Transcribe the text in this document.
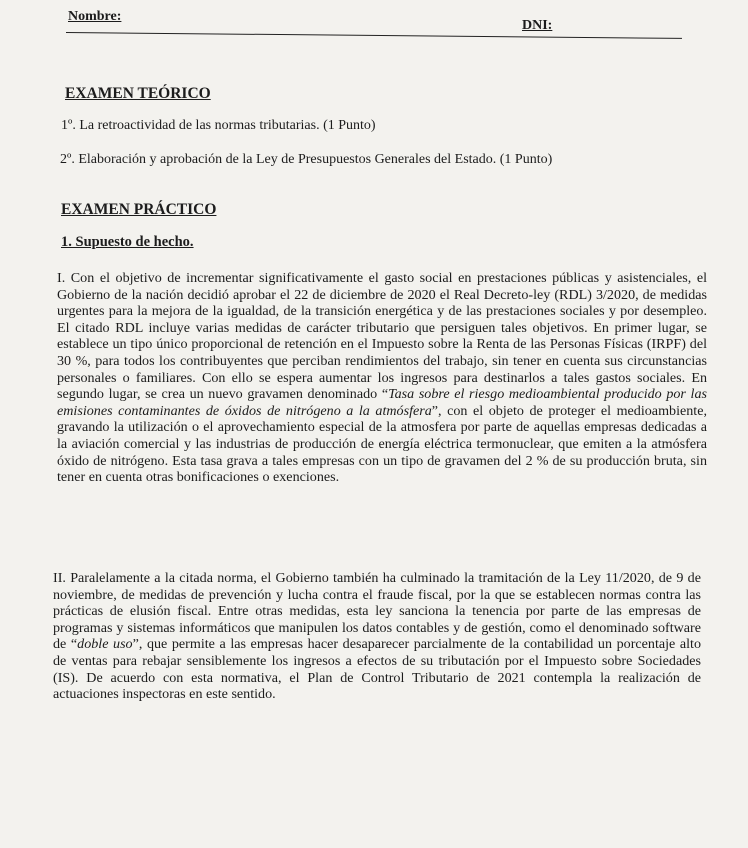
Nombre:
DNI:
EXAMEN TEÓRICO
1º. La retroactividad de las normas tributarias. (1 Punto)
2º. Elaboración y aprobación de la Ley de Presupuestos Generales del Estado. (1 Punto)
EXAMEN PRÁCTICO
1. Supuesto de hecho.
I. Con el objetivo de incrementar significativamente el gasto social en prestaciones públicas y asistenciales, el Gobierno de la nación decidió aprobar el 22 de diciembre de 2020 el Real Decreto-ley (RDL) 3/2020, de medidas urgentes para la mejora de la igualdad, de la transición energética y de las prestaciones sociales y por desempleo. El citado RDL incluye varias medidas de carácter tributario que persiguen tales objetivos. En primer lugar, se establece un tipo único proporcional de retención en el Impuesto sobre la Renta de las Personas Físicas (IRPF) del 30 %, para todos los contribuyentes que perciban rendimientos del trabajo, sin tener en cuenta sus circunstancias personales o familiares. Con ello se espera aumentar los ingresos para destinarlos a tales gastos sociales. En segundo lugar, se crea un nuevo gravamen denominado “Tasa sobre el riesgo medioambiental producido por las emisiones contaminantes de óxidos de nitrógeno a la atmósfera”, con el objeto de proteger el medioambiente, gravando la utilización o el aprovechamiento especial de la atmosfera por parte de aquellas empresas dedicadas a la aviación comercial y las industrias de producción de energía eléctrica termonuclear, que emiten a la atmósfera óxido de nitrógeno. Esta tasa grava a tales empresas con un tipo de gravamen del 2 % de su producción bruta, sin tener en cuenta otras bonificaciones o exenciones.
II. Paralelamente a la citada norma, el Gobierno también ha culminado la tramitación de la Ley 11/2020, de 9 de noviembre, de medidas de prevención y lucha contra el fraude fiscal, por la que se establecen normas contra las prácticas de elusión fiscal. Entre otras medidas, esta ley sanciona la tenencia por parte de las empresas de programas y sistemas informáticos que manipulen los datos contables y de gestión, como el denominado software de “doble uso”, que permite a las empresas hacer desaparecer parcialmente de la contabilidad un porcentaje alto de ventas para rebajar sensiblemente los ingresos a efectos de su tributación por el Impuesto sobre Sociedades (IS). De acuerdo con esta normativa, el Plan de Control Tributario de 2021 contempla la realización de actuaciones inspectoras en este sentido.
